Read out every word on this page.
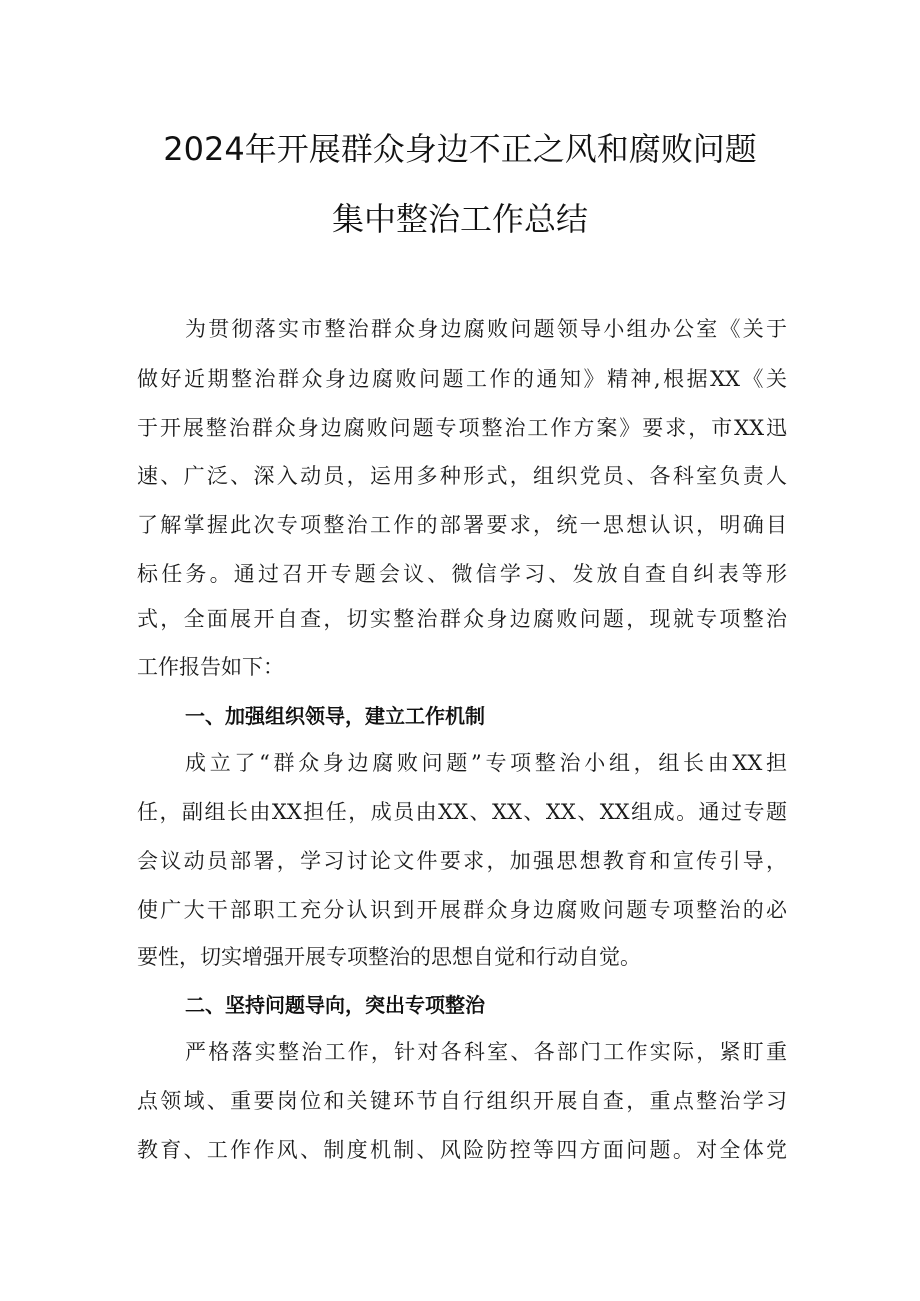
2024年开展群众身边不正之风和腐败问题
集中整治工作总结
为贯彻落实市整治群众身边腐败问题领导小组办公室《关于
做好近期整治群众身边腐败问题工作的通知》精神,根据XX《关
于开展整治群众身边腐败问题专项整治工作方案》要求，市XX迅
速、广泛、深入动员，运用多种形式，组织党员、各科室负责人
了解掌握此次专项整治工作的部署要求，统一思想认识，明确目
标任务。通过召开专题会议、微信学习、发放自查自纠表等形
式，全面展开自查，切实整治群众身边腐败问题，现就专项整治
工作报告如下：
一、加强组织领导，建立工作机制
成立了“群众身边腐败问题”专项整治小组，组长由XX担
任，副组长由XX担任，成员由XX、XX、XX、XX组成。通过专题
会议动员部署，学习讨论文件要求，加强思想教育和宣传引导，
使广大干部职工充分认识到开展群众身边腐败问题专项整治的必
要性，切实增强开展专项整治的思想自觉和行动自觉。
二、坚持问题导向，突出专项整治
严格落实整治工作，针对各科室、各部门工作实际，紧盯重
点领域、重要岗位和关键环节自行组织开展自查，重点整治学习
教育、工作作风、制度机制、风险防控等四方面问题。对全体党
